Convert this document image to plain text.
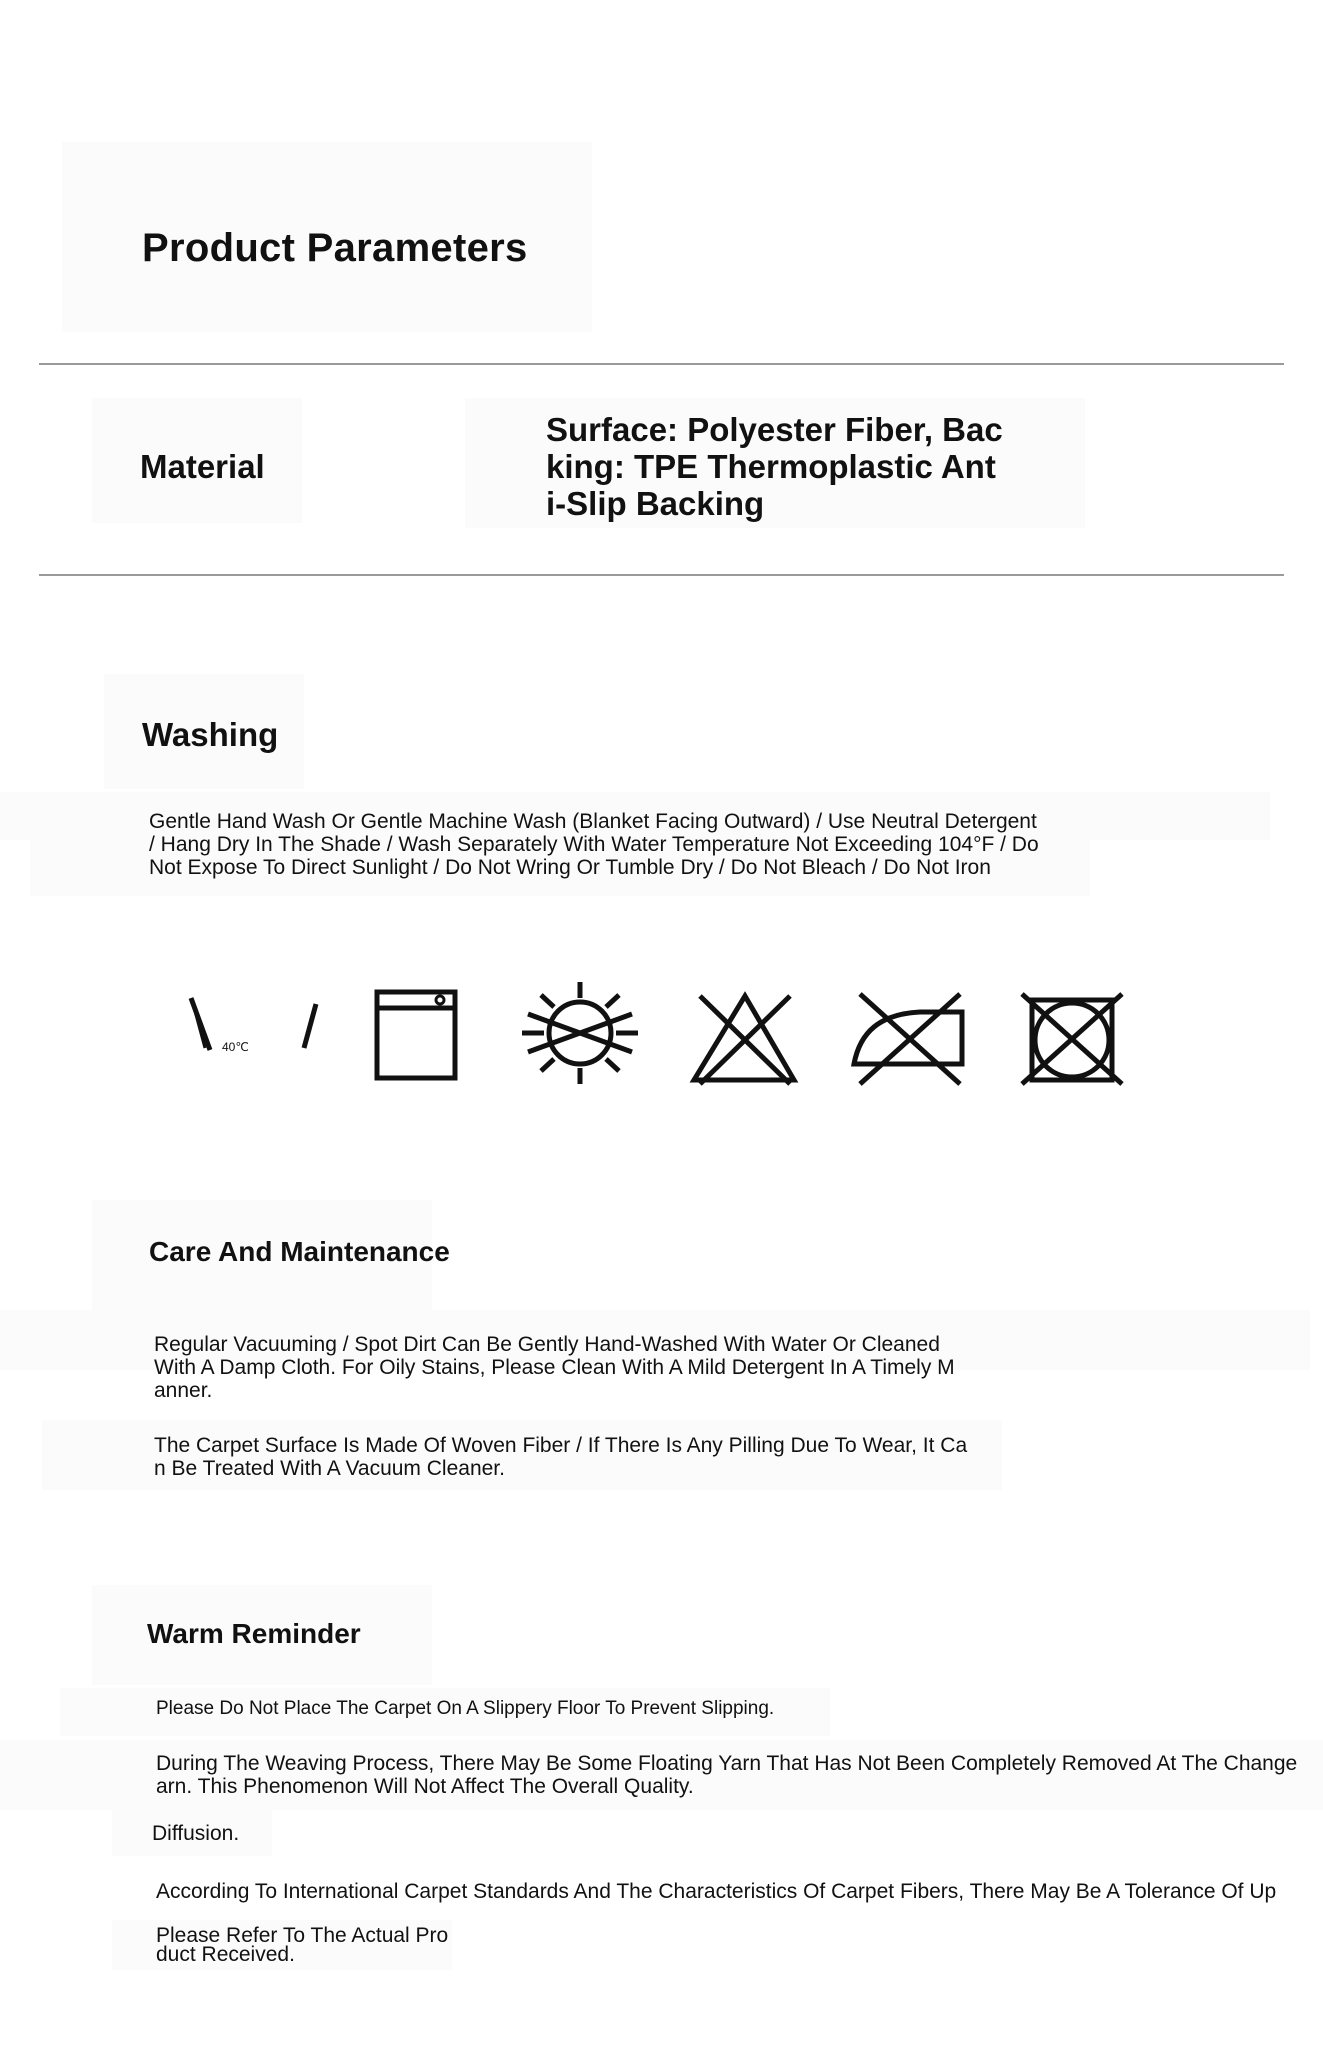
Product Parameters
Material
Surface: Polyester Fiber, Bac
king: TPE Thermoplastic Ant
i-Slip Backing
Washing
Gentle Hand Wash Or Gentle Machine Wash (Blanket Facing Outward) / Use Neutral Detergent
/ Hang Dry In The Shade / Wash Separately With Water Temperature Not Exceeding 104°F / Do
Not Expose To Direct Sunlight / Do Not Wring Or Tumble Dry / Do Not Bleach / Do Not Iron
40℃
Care And Maintenance
Regular Vacuuming / Spot Dirt Can Be Gently Hand-Washed With Water Or Cleaned
With A Damp Cloth. For Oily Stains, Please Clean With A Mild Detergent In A Timely M
anner.
The Carpet Surface Is Made Of Woven Fiber / If There Is Any Pilling Due To Wear, It Ca
n Be Treated With A Vacuum Cleaner.
Warm Reminder
Please Do Not Place The Carpet On A Slippery Floor To Prevent Slipping.
During The Weaving Process, There May Be Some Floating Yarn That Has Not Been Completely Removed At The Change
arn. This Phenomenon Will Not Affect The Overall Quality.
Diffusion.
According To International Carpet Standards And The Characteristics Of Carpet Fibers, There May Be A Tolerance Of Up
Please Refer To The Actual Pro
duct Received.
